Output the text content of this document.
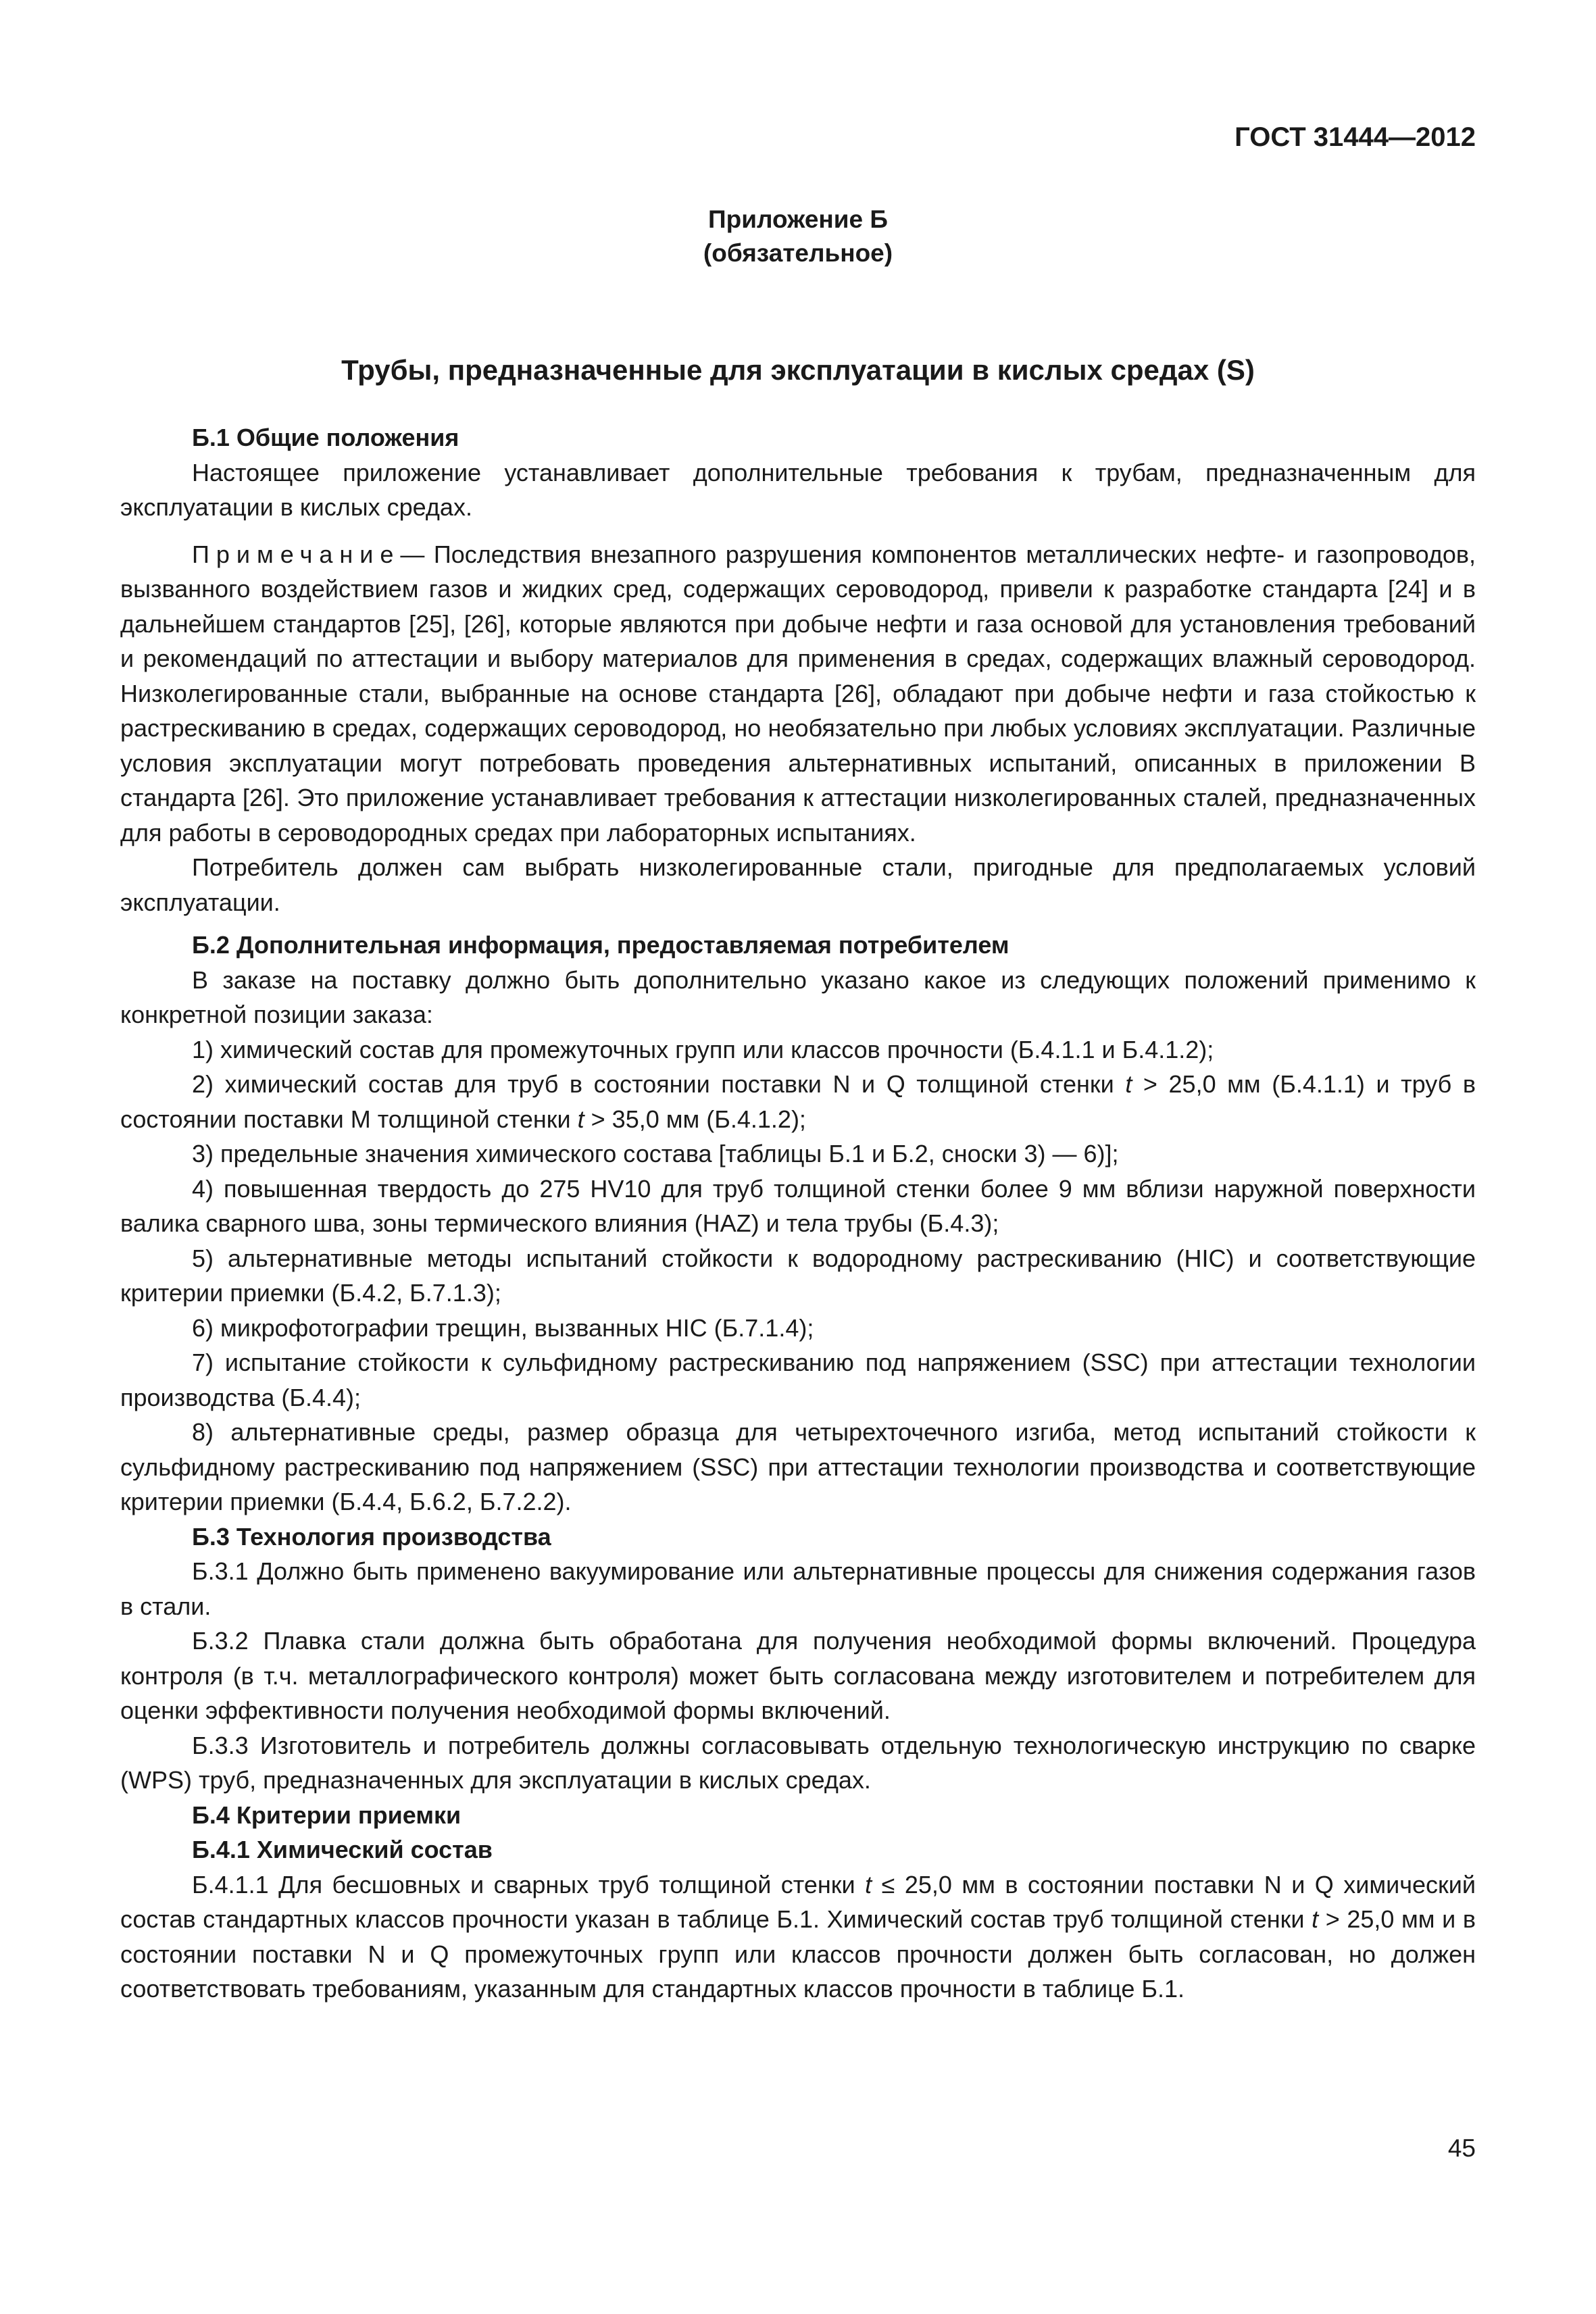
ГОСТ 31444—2012
Приложение Б
(обязательное)
Трубы, предназначенные для эксплуатации в кислых средах (S)

Б.1 Общие положения

Настоящее приложение устанавливает дополнительные требования к трубам, предназначенным для эксплуатации в кислых средах.

Примечание— Последствия внезапного разрушения компонентов металлических нефте- и газопроводов, вызванного воздействием газов и жидких сред, содержащих сероводород, привели к разработке стандарта [24] и в дальнейшем стандартов [25], [26], которые являются при добыче нефти и газа основой для установления требований и рекомендаций по аттестации и выбору материалов для применения в средах, содержащих влажный сероводород. Низколегированные стали, выбранные на основе стандарта [26], обладают при добыче нефти и газа стойкостью к растрескиванию в средах, содержащих сероводород, но необязательно при любых условиях эксплуатации. Различные условия эксплуатации могут потребовать проведения альтернативных испытаний, описанных в приложении В стандарта [26]. Это приложение устанавливает требования к аттестации низколегированных сталей, предназначенных для работы в сероводородных средах при лабораторных испытаниях.

Потребитель должен сам выбрать низколегированные стали, пригодные для предполагаемых условий эксплуатации.

Б.2 Дополнительная информация, предоставляемая потребителем

В заказе на поставку должно быть дополнительно указано какое из следующих положений применимо к конкретной позиции заказа:

1) химический состав для промежуточных групп или классов прочности (Б.4.1.1 и Б.4.1.2);

2) химический состав для труб в состоянии поставки N и Q толщиной стенки t > 25,0 мм (Б.4.1.1) и труб в состоянии поставки М толщиной стенки t > 35,0 мм (Б.4.1.2);

3) предельные значения химического состава [таблицы Б.1 и Б.2, сноски 3) — 6)];

4) повышенная твердость до 275 HV10 для труб толщиной стенки более 9 мм вблизи наружной поверхности валика сварного шва, зоны термического влияния (HAZ) и тела трубы (Б.4.3);

5) альтернативные методы испытаний стойкости к водородному растрескиванию (HIC) и соответствующие критерии приемки (Б.4.2, Б.7.1.3);

6) микрофотографии трещин, вызванных HIC (Б.7.1.4);

7) испытание стойкости к сульфидному растрескиванию под напряжением (SSC) при аттестации технологии производства (Б.4.4);

8) альтернативные среды, размер образца для четырехточечного изгиба, метод испытаний стойкости к сульфидному растрескиванию под напряжением (SSC) при аттестации технологии производства и соответствующие критерии приемки (Б.4.4, Б.6.2, Б.7.2.2).

Б.3 Технология производства

Б.3.1 Должно быть применено вакуумирование или альтернативные процессы для снижения содержания газов в стали.

Б.3.2 Плавка стали должна быть обработана для получения необходимой формы включений. Процедура контроля (в т.ч. металлографического контроля) может быть согласована между изготовителем и потребителем для оценки эффективности получения необходимой формы включений.

Б.3.3 Изготовитель и потребитель должны согласовывать отдельную технологическую инструкцию по сварке (WPS) труб, предназначенных для эксплуатации в кислых средах.

Б.4 Критерии приемки

Б.4.1 Химический состав

Б.4.1.1 Для бесшовных и сварных труб толщиной стенки t ≤ 25,0 мм в состоянии поставки N и Q химический состав стандартных классов прочности указан в таблице Б.1. Химический состав труб толщиной стенки t > 25,0 мм и в состоянии поставки N и Q промежуточных групп или классов прочности должен быть согласован, но должен соответствовать требованиям, указанным для стандартных классов прочности в таблице Б.1.

45
